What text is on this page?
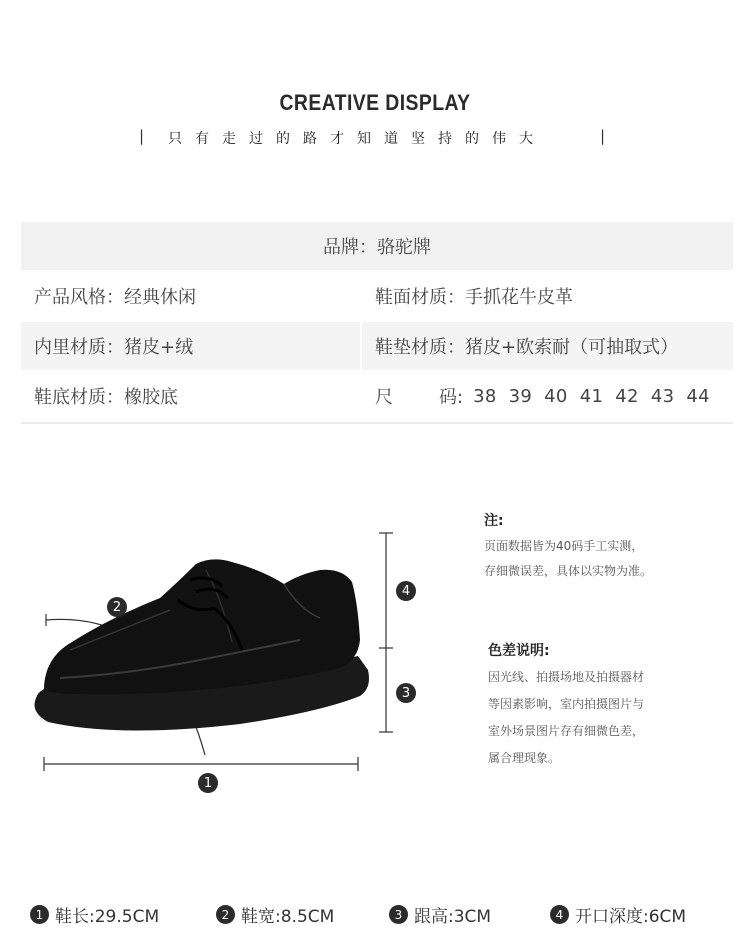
CREATIVE DISPLAY
| 只有走过的路才知道坚持的伟大	|
品牌：骆驼牌
产品风格：经典休闲	鞋面材质：手抓花牛皮革
内里材质：猪皮+绒	鞋垫材质：猪皮+欧索耐（可抽取式）
鞋底材质：橡胶底	尺	码: 38  39  40  41  42  43  44
2
4
3
1
注:
页面数据皆为40码手工实测，
存细微误差，具体以实物为准。
色差说明:
因光线、拍摄场地及拍摄器材
等因素影响，室内拍摄图片与
室外场景图片存有细微色差，
属合理现象。
1 鞋长:29.5CM	2 鞋宽:8.5CM	3 跟高:3CM	4 开口深度:6CM
